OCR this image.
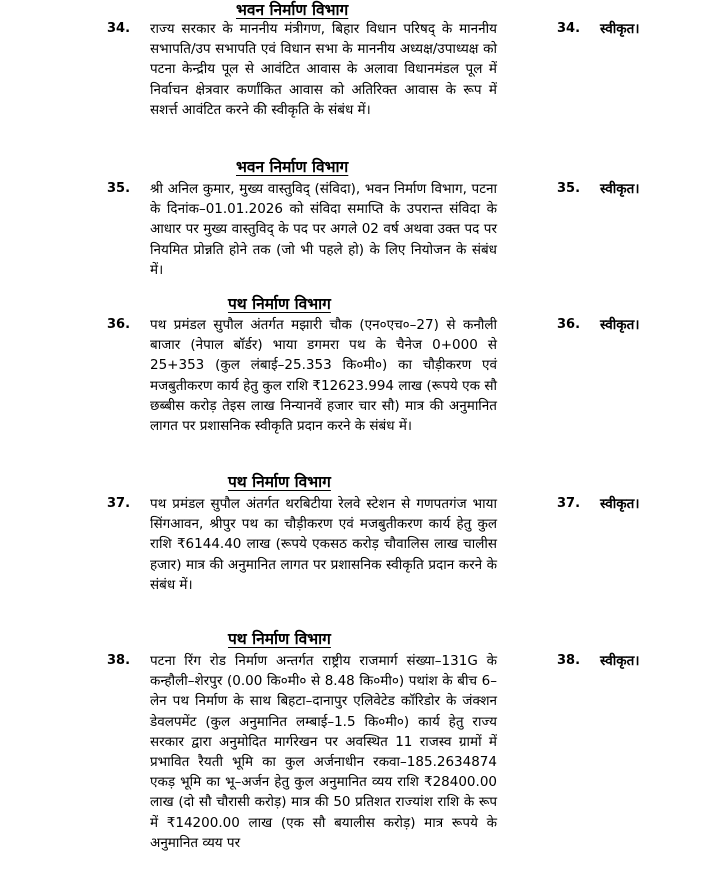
भवन निर्माण विभाग
34. राज्य सरकार के माननीय मंत्रीगण, बिहार विधान परिषद् के माननीय सभापति/उप सभापति एवं विधान सभा के माननीय अध्यक्ष/उपाध्यक्ष को पटना केन्द्रीय पूल से आवंटित आवास के अलावा विधानमंडल पूल में निर्वाचन क्षेत्रवार कर्णांकित आवास को अतिरिक्त आवास के रूप में सशर्त्त आवंटित करने की स्वीकृति के संबंध में।

34. स्वीकृत।
भवन निर्माण विभाग
35. श्री अनिल कुमार, मुख्य वास्तुविद् (संविदा), भवन निर्माण विभाग, पटना के दिनांक–01.01.2026 को संविदा समाप्ति के उपरान्त संविदा के आधार पर मुख्य वास्तुविद् के पद पर अगले 02 वर्ष अथवा उक्त पद पर नियमित प्रोन्नति होने तक (जो भी पहले हो) के लिए नियोजन के संबंध में।

35. स्वीकृत।
पथ निर्माण विभाग
36. पथ प्रमंडल सुपौल अंतर्गत मझारी चौक (एन०एच०–27) से कनौली बाजार (नेपाल बॉर्डर) भाया डगमरा पथ के चैनेज 0+000 से 25+353 (कुल लंबाई–25.353 कि०मी०) का चौड़ीकरण एवं मजबुतीकरण कार्य हेतु कुल राशि ₹12623.994 लाख (रूपये एक सौ छब्बीस करोड़ तेइस लाख निन्यानवें हजार चार सौ) मात्र की अनुमानित लागत पर प्रशासनिक स्वीकृति प्रदान करने के संबंध में।

36. स्वीकृत।
पथ निर्माण विभाग
37. पथ प्रमंडल सुपौल अंतर्गत थरबिटीया रेलवे स्टेशन से गणपतगंज भाया सिंगआवन, श्रीपुर पथ का चौड़ीकरण एवं मजबुतीकरण कार्य हेतु कुल राशि ₹6144.40 लाख (रूपये एकसठ करोड़ चौवालिस लाख चालीस हजार) मात्र की अनुमानित लागत पर प्रशासनिक स्वीकृति प्रदान करने के संबंध में।

37. स्वीकृत।
पथ निर्माण विभाग
38. पटना रिंग रोड निर्माण अन्तर्गत राष्ट्रीय राजमार्ग संख्या–131G के कन्हौली–शेरपुर (0.00 कि०मी० से 8.48 कि०मी०) पथांश के बीच 6–लेन पथ निर्माण के साथ बिहटा–दानापुर एलिवेटेड कॉरिडोर के जंक्शन डेवलपमेंट (कुल अनुमानित लम्बाई–1.5 कि०मी०) कार्य हेतु राज्य सरकार द्वारा अनुमोदित मार्गरेखन पर अवस्थित 11 राजस्व ग्रामों में प्रभावित रैयती भूमि का कुल अर्जनाधीन रकवा–185.2634874 एकड़ भूमि का भू–अर्जन हेतु कुल अनुमानित व्यय राशि ₹28400.00 लाख (दो सौ चौरासी करोड़) मात्र की 50 प्रतिशत राज्यांश राशि के रूप में ₹14200.00 लाख (एक सौ बयालीस करोड़) मात्र रूपये के अनुमानित व्यय पर

38. स्वीकृत।
